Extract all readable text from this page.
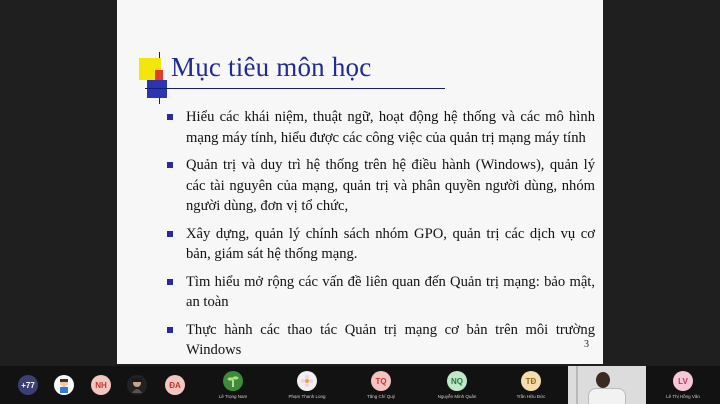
Mục tiêu môn học
Hiểu các khái niệm, thuật ngữ, hoạt động hệ thống và các mô hình mạng máy tính, hiểu được các công việc của quản trị mạng máy tính
Quản trị và duy trì hệ thống trên hệ điều hành (Windows), quản lý các tài nguyên của mạng, quản trị và phân quyền người dùng, nhóm người dùng, đơn vị tổ chức,
Xây dựng, quản lý chính sách nhóm GPO, quản trị các dịch vụ cơ bản, giám sát hệ thống mạng.
Tìm hiểu mở rộng các vấn đề liên quan đến Quản trị mạng: bảo mật, an toàn
Thực hành các thao tác Quản trị mạng cơ bản trên môi trường Windows	3
+77	NH	ĐA
Lê Trọng Nam	Phạm Thanh Long
TQ
Tăng Chí Quý
NQ
Nguyễn Minh Quân
TĐ
Trần Hữu Đức
LV
Lê Thị Hồng Vân
